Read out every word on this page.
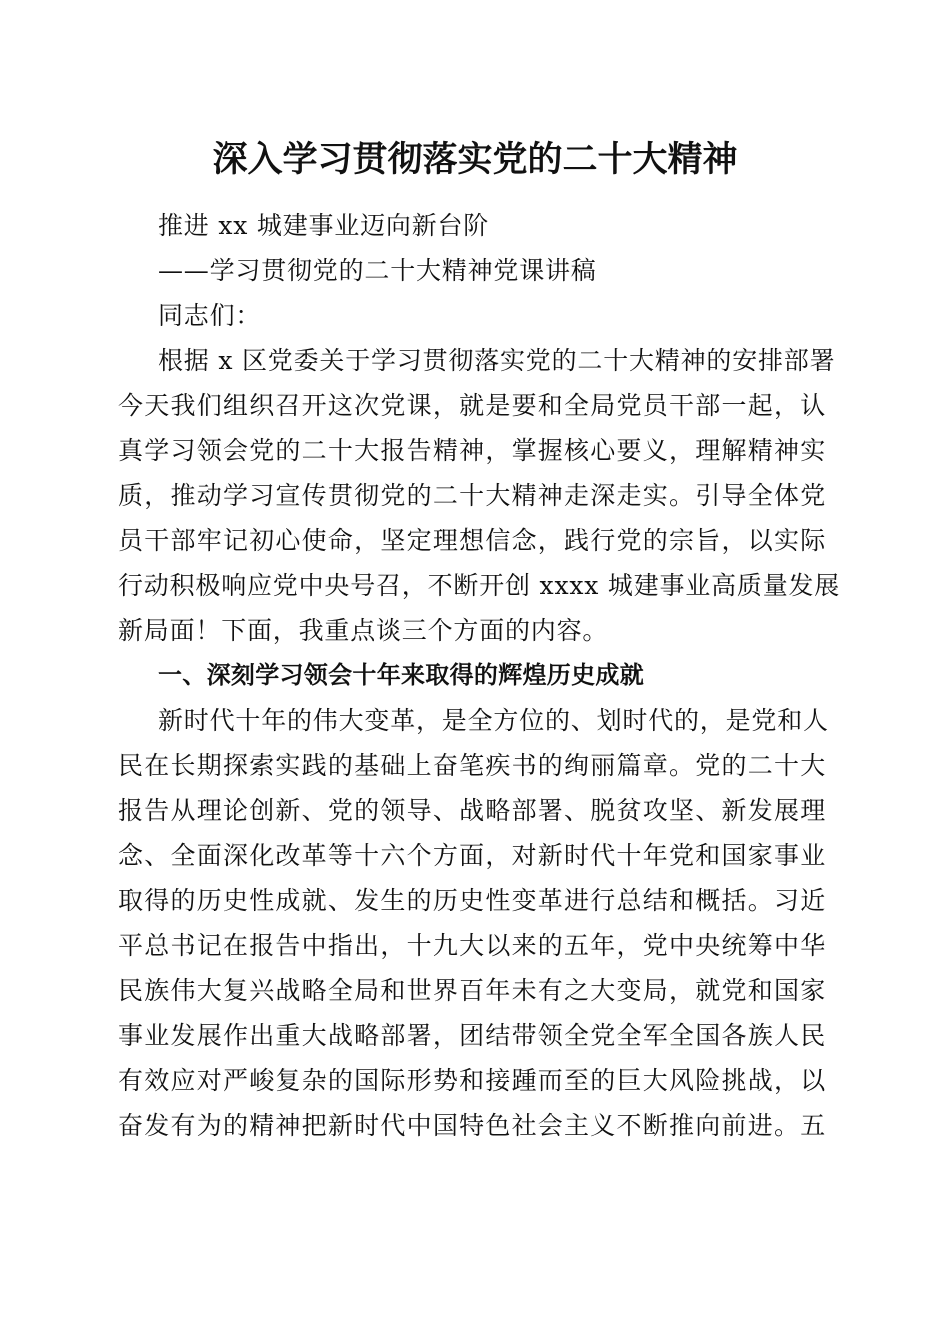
深入学习贯彻落实党的二十大精神

推进 xx 城建事业迈向新台阶

——学习贯彻党的二十大精神党课讲稿

同志们：

根据 x 区党委关于学习贯彻落实党的二十大精神的安排部署

今天我们组织召开这次党课，就是要和全局党员干部一起，认

真学习领会党的二十大报告精神，掌握核心要义，理解精神实

质，推动学习宣传贯彻党的二十大精神走深走实。引导全体党

员干部牢记初心使命，坚定理想信念，践行党的宗旨，以实际

行动积极响应党中央号召，不断开创 xxxx 城建事业高质量发展

新局面！下面，我重点谈三个方面的内容。

一、深刻学习领会十年来取得的辉煌历史成就

新时代十年的伟大变革，是全方位的、划时代的，是党和人

民在长期探索实践的基础上奋笔疾书的绚丽篇章。党的二十大

报告从理论创新、党的领导、战略部署、脱贫攻坚、新发展理

念、全面深化改革等十六个方面，对新时代十年党和国家事业

取得的历史性成就、发生的历史性变革进行总结和概括。习近

平总书记在报告中指出，十九大以来的五年，党中央统筹中华

民族伟大复兴战略全局和世界百年未有之大变局，就党和国家

事业发展作出重大战略部署，团结带领全党全军全国各族人民

有效应对严峻复杂的国际形势和接踵而至的巨大风险挑战，以

奋发有为的精神把新时代中国特色社会主义不断推向前进。五
